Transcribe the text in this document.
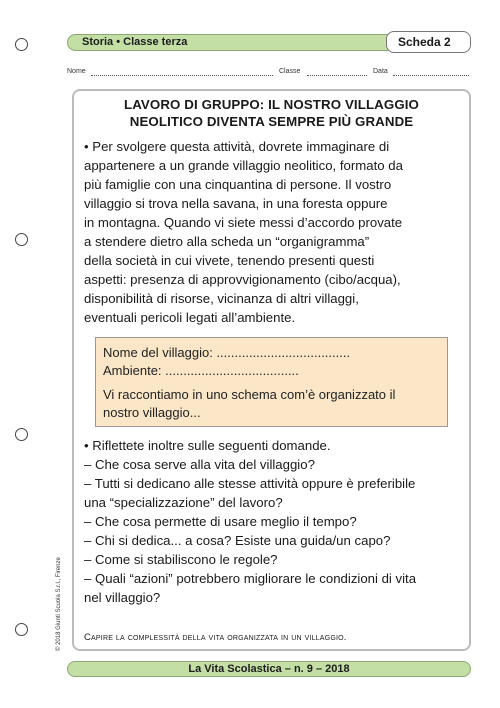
Storia • Classe terza	Scheda 2
Nome	Classe	Data
LAVORO DI GRUPPO: IL NOSTRO VILLAGGIO
NEOLITICO DIVENTA SEMPRE PIÙ GRANDE
• Per svolgere questa attività, dovrete immaginare di
appartenere a un grande villaggio neolitico, formato da
più famiglie con una cinquantina di persone. Il vostro
villaggio si trova nella savana, in una foresta oppure
in montagna. Quando vi siete messi d’accordo provate
a stendere dietro alla scheda un “organigramma”
della società in cui vivete, tenendo presenti questi
aspetti: presenza di approvvigionamento (cibo/acqua),
disponibilità di risorse, vicinanza di altri villaggi,
eventuali pericoli legati all’ambiente.
Nome del villaggio: .....................................
Ambiente: .....................................
Vi raccontiamo in uno schema com’è organizzato il
nostro villaggio...
• Riflettete inoltre sulle seguenti domande.
– Che cosa serve alla vita del villaggio?
– Tutti si dedicano alle stesse attività oppure è preferibile
una “specializzazione” del lavoro?
– Che cosa permette di usare meglio il tempo?
– Chi si dedica... a cosa? Esiste una guida/un capo?
– Come si stabiliscono le regole?
– Quali “azioni” potrebbero migliorare le condizioni di vita
nel villaggio?
Capire la complessità della vita organizzata in un villaggio.
© 2018 Giunti Scuola S.r.l., Firenze
La Vita Scolastica – n. 9 – 2018
